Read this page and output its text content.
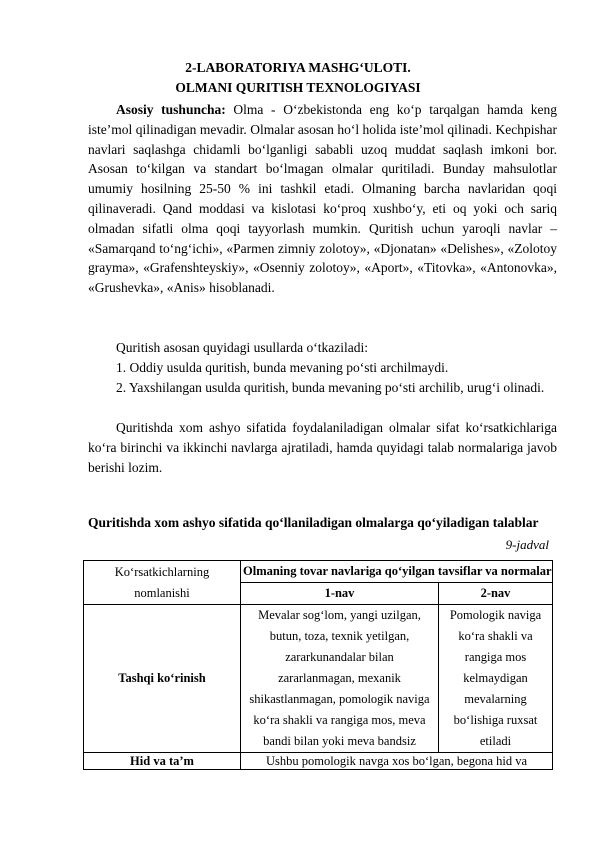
2-LABORATORIYA MASHG‘ULOTI.
OLMANI QURITISH TEXNOLOGIYASI
Asosiy tushuncha: Olma - O‘zbekistonda eng ko‘p tarqalgan hamda keng iste’mol qilinadigan mevadir. Olmalar asosan ho‘l holida iste’mol qilinadi. Kechpishar navlari saqlashga chidamli bo‘lganligi sababli uzoq muddat saqlash imkoni bor. Asosan to‘kilgan va standart bo‘lmagan olmalar quritiladi. Bunday mahsulotlar umumiy hosilning 25-50 % ini tashkil etadi. Olmaning barcha navlaridan qoqi qilinaveradi. Qand moddasi va kislotasi ko‘proq xushbo‘y, eti oq yoki och sariq olmadan sifatli olma qoqi tayyorlash mumkin. Quritish uchun yaroqli navlar – «Samarqand to‘ng‘ichi», «Parmen zimniy zolotoy», «Djonatan» «Delishes», «Zolotoy grayma», «Grafenshteyskiy», «Osenniy zolotoy», «Aport», «Titovka», «Antonovka», «Grushevka», «Anis» hisoblanadi.
Quritish asosan quyidagi usullarda o‘tkaziladi:
1. Oddiy usulda quritish, bunda mevaning po‘sti archilmaydi.
2. Yaxshilangan usulda quritish, bunda mevaning po‘sti archilib, urug‘i olinadi.
Quritishda xom ashyo sifatida foydalaniladigan olmalar sifat ko‘rsatkichlariga ko‘ra birinchi va ikkinchi navlarga ajratiladi, hamda quyidagi talab normalariga javob berishi lozim.
Quritishda xom ashyo sifatida qo‘llaniladigan olmalarga qo‘yiladigan talablar
9-jadval
Ko‘rsatkichlarning nomlanishi	Olmaning tovar navlariga qo‘yilgan tavsiflar va normalar	
	1-nav	2-nav
Tashqi ko‘rinish	Mevalar sog‘lom, yangi uzilgan, butun, toza, texnik yetilgan, zararkunandalar bilan zararlanmagan, mexanik shikastlanmagan, pomologik naviga ko‘ra shakli va rangiga mos, meva bandi bilan yoki meva bandsiz	Pomologik naviga ko‘ra shakli va rangiga mos kelmaydigan mevalarning bo‘lishiga ruxsat etiladi
Hid va ta’m	Ushbu pomologik navga xos bo‘lgan, begona hid va	
